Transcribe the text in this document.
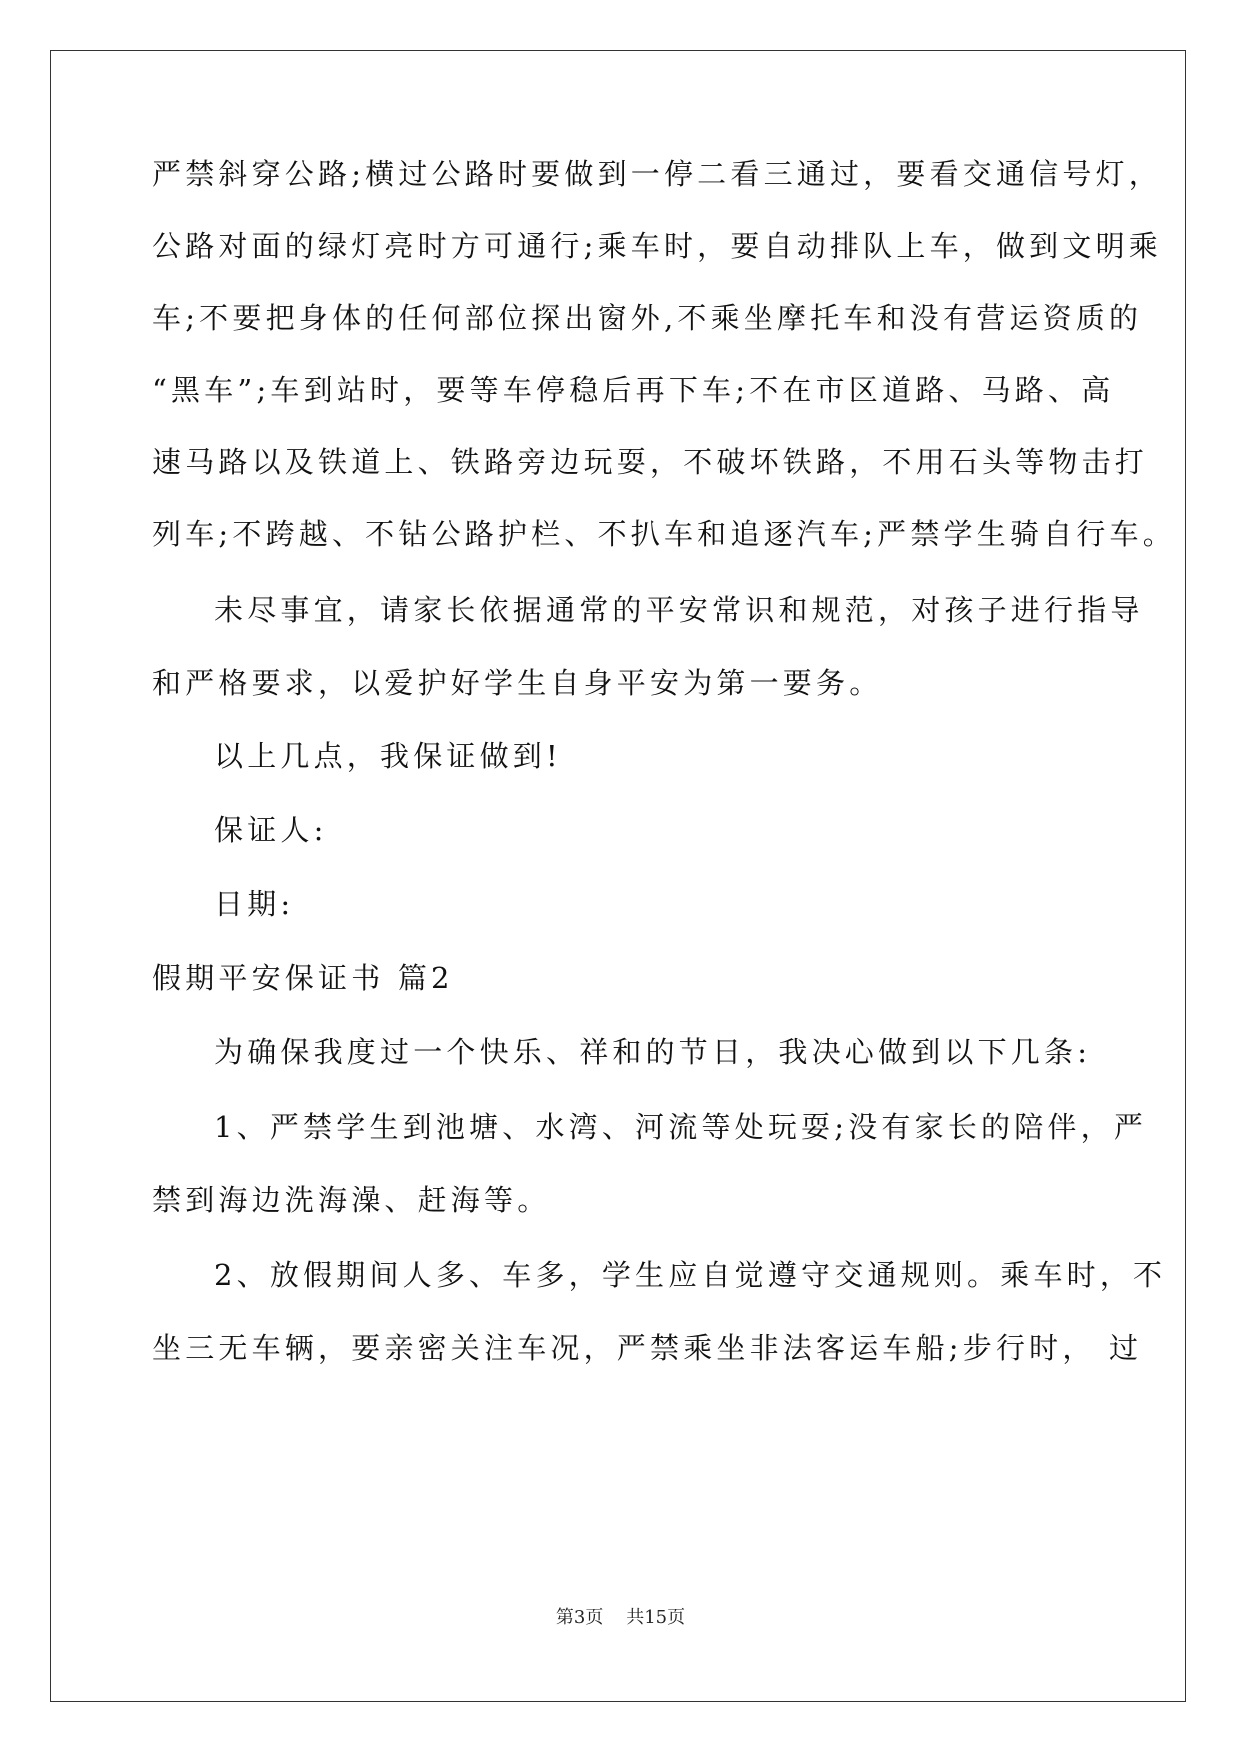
严禁斜穿公路;横过公路时要做到一停二看三通过，要看交通信号灯，
公路对面的绿灯亮时方可通行;乘车时，要自动排队上车，做到文明乘
车;不要把身体的任何部位探出窗外,不乘坐摩托车和没有营运资质的
“黑车”;车到站时，要等车停稳后再下车;不在市区道路、马路、高
速马路以及铁道上、铁路旁边玩耍，不破坏铁路，不用石头等物击打
列车;不跨越、不钻公路护栏、不扒车和追逐汽车;严禁学生骑自行车。
未尽事宜，请家长依据通常的平安常识和规范，对孩子进行指导
和严格要求，以爱护好学生自身平安为第一要务。
以上几点，我保证做到!
保证人:
日期:
假期平安保证书 篇2
为确保我度过一个快乐、祥和的节日，我决心做到以下几条:
1、严禁学生到池塘、水湾、河流等处玩耍;没有家长的陪伴，严
禁到海边洗海澡、赶海等。
2、放假期间人多、车多，学生应自觉遵守交通规则。乘车时，不
坐三无车辆，要亲密关注车况，严禁乘坐非法客运车船;步行时， 过
第3页 共15页
